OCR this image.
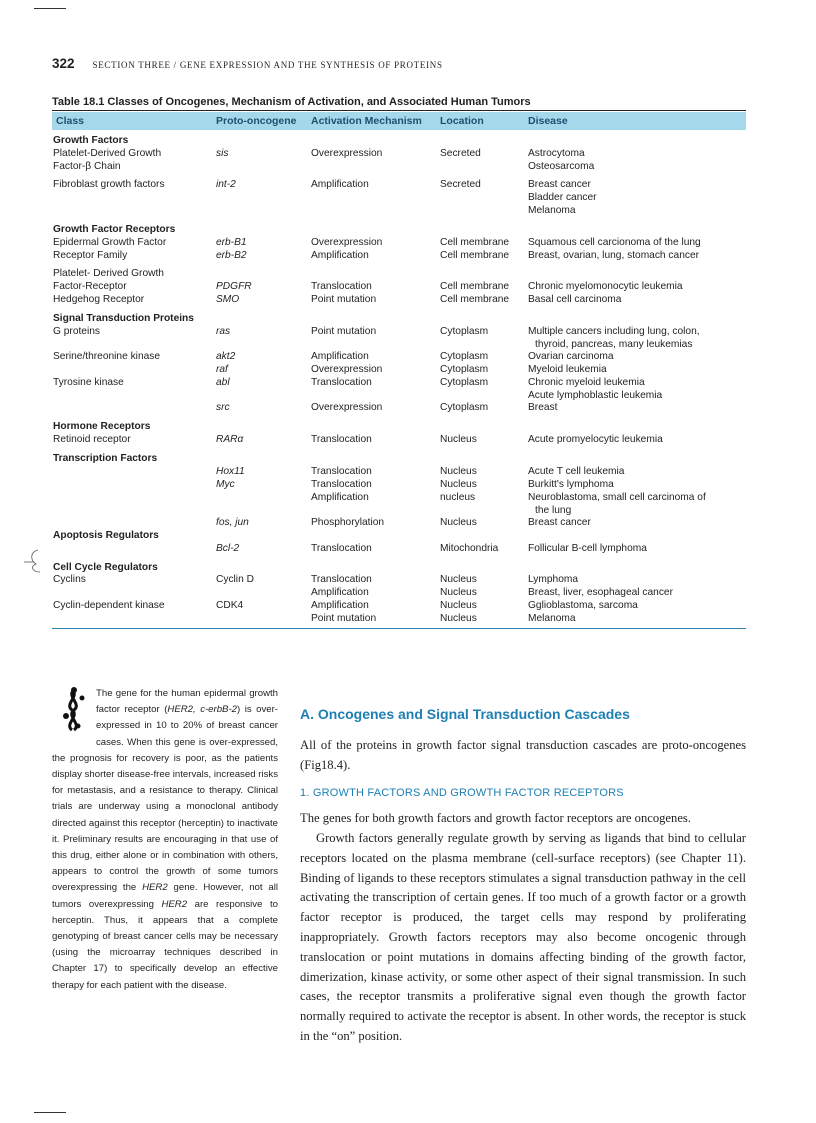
322 SECTION THREE / GENE EXPRESSION AND THE SYNTHESIS OF PROTEINS
Table 18.1 Classes of Oncogenes, Mechanism of Activation, and Associated Human Tumors
Class	Proto-oncogene Activation Mechanism Location	Disease
Growth Factors
Platelet-Derived Growth
Factor-β Chain
Fibroblast growth factors
Growth Factor Receptors
Epidermal Growth Factor
Receptor Family
Platelet- Derived Growth
Factor-Receptor
Hedgehog Receptor
Signal Transduction Proteins
G proteins
Serine/threonine kinase
Tyrosine kinase
Hormone Receptors
Retinoid receptor
Transcription Factors
Apoptosis Regulators
Cell Cycle Regulators
Cyclins
Cyclin-dependent kinase
sis
int-2
erb-B1
erb-B2
PDGFR
SMO
ras
akt2
raf
abl
src
RARα
Hox11
Myc
fos, jun
Bcl-2
Cyclin D
CDK4
Overexpression
Amplification
Overexpression
Amplification
Translocation
Point mutation
Point mutation
Amplification
Overexpression
Translocation
Overexpression
Translocation
Translocation
Translocation
Amplification
Phosphorylation
Translocation
Translocation
Amplification
Amplification
Point mutation
Secreted
Secreted
Cell membrane
Cell membrane
Cell membrane
Cell membrane
Cytoplasm
Cytoplasm
Cytoplasm
Cytoplasm
Cytoplasm
Nucleus
Nucleus
Nucleus
nucleus
Nucleus
Mitochondria
Nucleus
Nucleus
Nucleus
Nucleus
Astrocytoma
Osteosarcoma
Breast cancer
Bladder cancer
Melanoma
Squamous cell carcionoma of the lung
Breast, ovarian, lung, stomach cancer
Chronic myelomonocytic leukemia
Basal cell carcinoma
Multiple cancers including lung, colon,
thyroid, pancreas, many leukemias
Ovarian carcinoma
Myeloid leukemia
Chronic myeloid leukemia
Acute lymphoblastic leukemia
Breast
Acute promyelocytic leukemia
Acute T cell leukemia
Burkitt's lymphoma
Neuroblastoma, small cell carcinoma of
the lung
Breast cancer
Follicular B-cell lymphoma
Lymphoma
Breast, liver, esophageal cancer
Gglioblastoma, sarcoma
Melanoma
The gene for the human epidermal growth factor receptor (HER2, c-erbB-2) is over-expressed in 10 to 20% of breast cancer cases. When this gene is over-expressed, the prognosis for recovery is poor, as the patients display shorter disease-free intervals, increased risks for metastasis, and a resistance to therapy. Clinical trials are underway using a monoclonal antibody directed against this receptor (herceptin) to inactivate it. Preliminary results are encouraging in that use of this drug, either alone or in combination with others, appears to control the growth of some tumors overexpressing the HER2 gene. However, not all tumors overexpressing HER2 are responsive to herceptin. Thus, it appears that a complete genotyping of breast cancer cells may be necessary (using the microarray techniques described in Chapter 17) to specifically develop an effective therapy for each patient with the disease.
A. Oncogenes and Signal Transduction Cascades
All of the proteins in growth factor signal transduction cascades are proto-oncogenes (Fig18.4).
1. GROWTH FACTORS AND GROWTH FACTOR RECEPTORS
The genes for both growth factors and growth factor receptors are oncogenes.
Growth factors generally regulate growth by serving as ligands that bind to cellular receptors located on the plasma membrane (cell-surface receptors) (see Chapter 11). Binding of ligands to these receptors stimulates a signal transduction pathway in the cell activating the transcription of certain genes. If too much of a growth factor or a growth factor receptor is produced, the target cells may respond by proliferating inappropriately. Growth factors receptors may also become oncogenic through translocation or point mutations in domains affecting binding of the growth factor, dimerization, kinase activity, or some other aspect of their signal transmission. In such cases, the receptor transmits a proliferative signal even though the growth factor normally required to activate the receptor is absent. In other words, the receptor is stuck in the “on” position.
